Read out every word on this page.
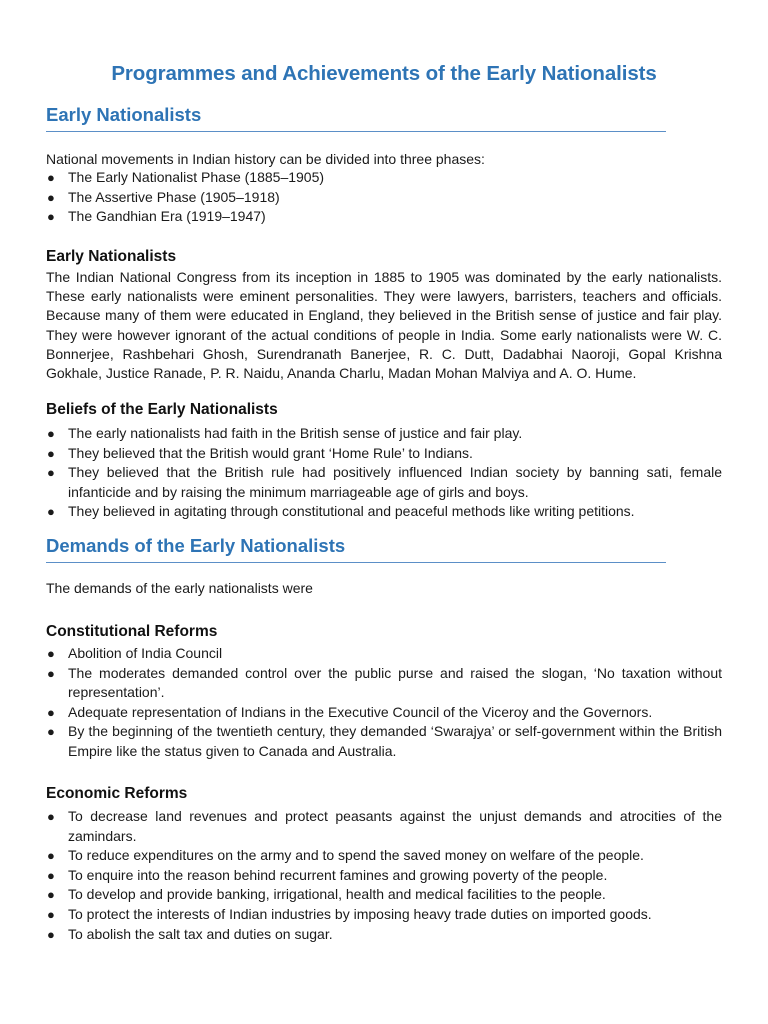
Programmes and Achievements of the Early Nationalists
Early Nationalists

National movements in Indian history can be divided into three phases:

● The Early Nationalist Phase (1885–1905)
● The Assertive Phase (1905–1918)
● The Gandhian Era (1919–1947)
Early Nationalists

The Indian National Congress from its inception in 1885 to 1905 was dominated by the early nationalists. These early nationalists were eminent personalities. They were lawyers, barristers, teachers and officials. Because many of them were educated in England, they believed in the British sense of justice and fair play. They were however ignorant of the actual conditions of people in India. Some early nationalists were W. C. Bonnerjee, Rashbehari Ghosh, Surendranath Banerjee, R. C. Dutt, Dadabhai Naoroji, Gopal Krishna Gokhale, Justice Ranade, P. R. Naidu, Ananda Charlu, Madan Mohan Malviya and A. O. Hume.

Beliefs of the Early Nationalists
● The early nationalists had faith in the British sense of justice and fair play.
● They believed that the British would grant ‘Home Rule’ to Indians.
● They believed that the British rule had positively influenced Indian society by banning sati, female infanticide and by raising the minimum marriageable age of girls and boys.
● They believed in agitating through constitutional and peaceful methods like writing petitions.
Demands of the Early Nationalists

The demands of the early nationalists were

Constitutional Reforms
● Abolition of India Council
● The moderates demanded control over the public purse and raised the slogan, ‘No taxation without representation’.
● Adequate representation of Indians in the Executive Council of the Viceroy and the Governors.
● By the beginning of the twentieth century, they demanded ‘Swarajya’ or self-government within the British Empire like the status given to Canada and Australia.
Economic Reforms
● To decrease land revenues and protect peasants against the unjust demands and atrocities of the zamindars.
● To reduce expenditures on the army and to spend the saved money on welfare of the people.
● To enquire into the reason behind recurrent famines and growing poverty of the people.
● To develop and provide banking, irrigational, health and medical facilities to the people.
● To protect the interests of Indian industries by imposing heavy trade duties on imported goods.
● To abolish the salt tax and duties on sugar.
